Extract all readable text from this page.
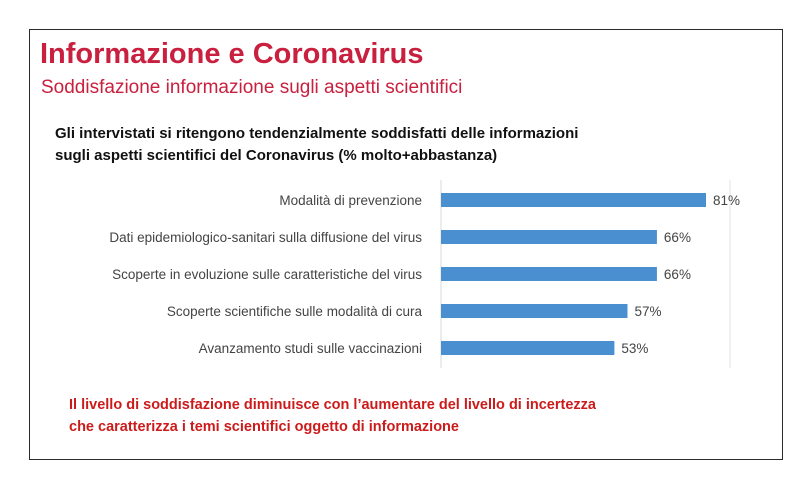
Informazione e Coronavirus
Soddisfazione informazione sugli aspetti scientifici
Gli intervistati si ritengono tendenzialmente soddisfatti delle informazioni
sugli aspetti scientifici del Coronavirus (% molto+abbastanza)
Modalità di prevenzione	81%
Dati epidemiologico-sanitari sulla diffusione del virus	66%
Scoperte in evoluzione sulle caratteristiche del virus	66%
Scoperte scientifiche sulle modalità di cura	57%
Avanzamento studi sulle vaccinazioni	53%
Il livello di soddisfazione diminuisce con l’aumentare del livello di incertezza
che caratterizza i temi scientifici oggetto di informazione
